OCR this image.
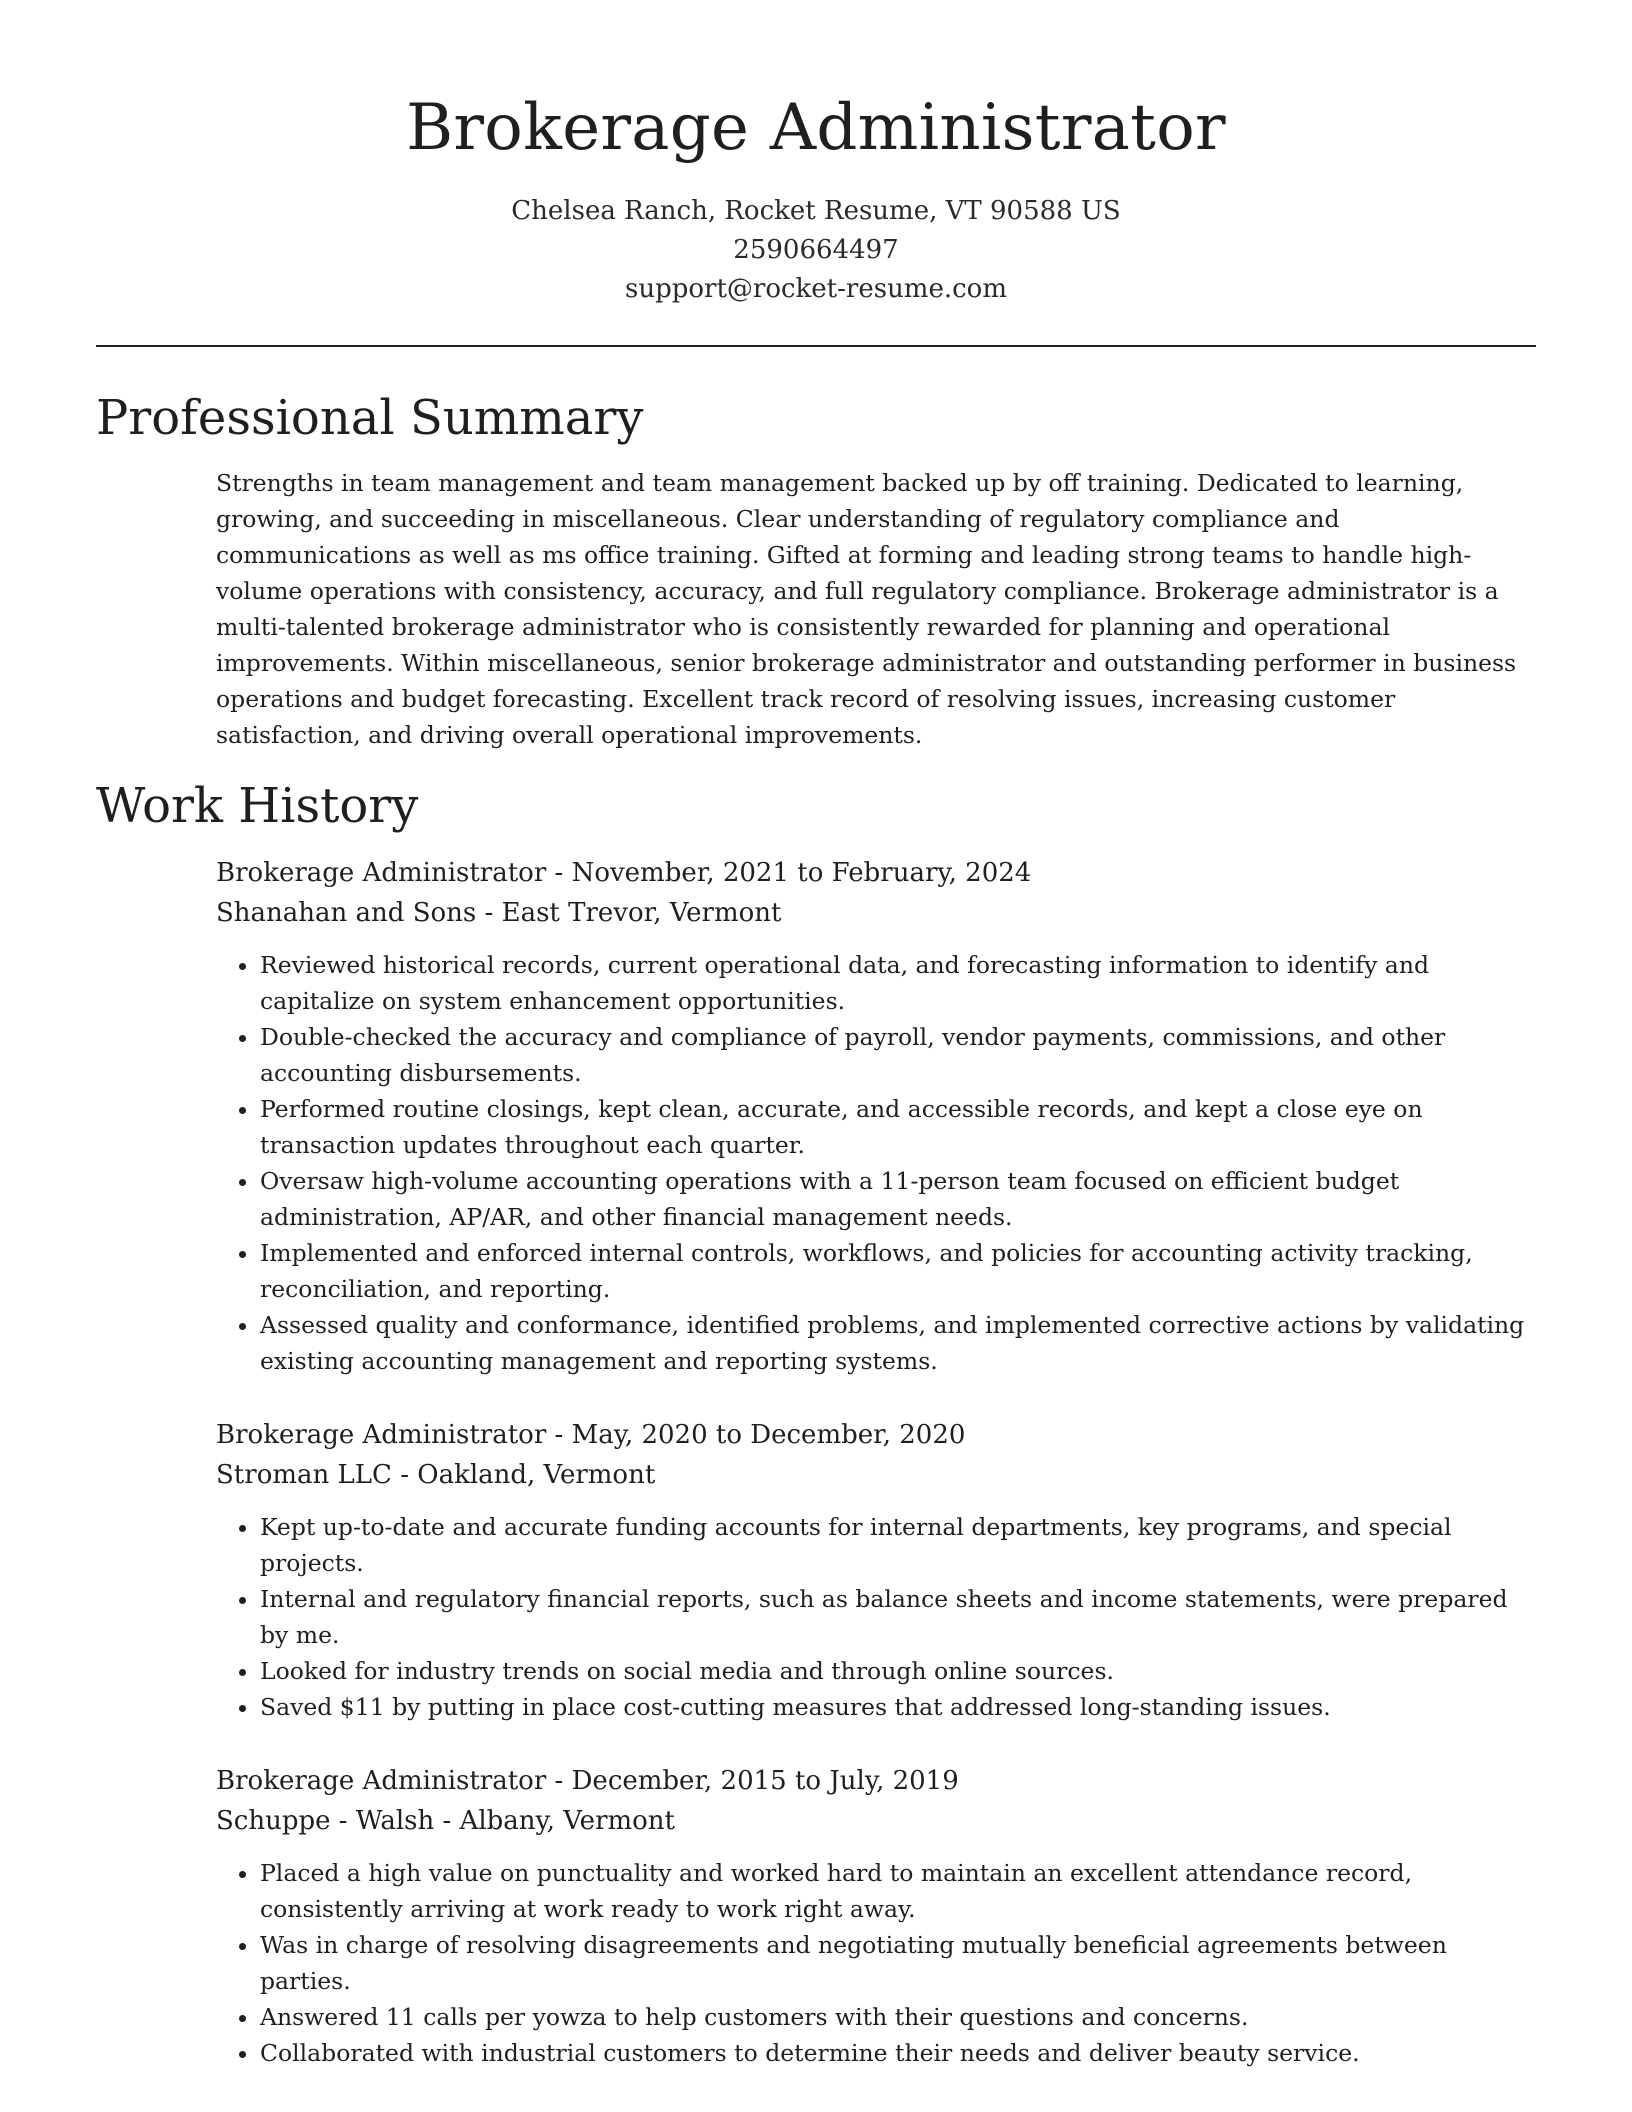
Brokerage Administrator
Chelsea Ranch, Rocket Resume, VT 90588 US
2590664497
support@rocket-resume.com
Professional Summary

Strengths in team management and team management backed up by off training. Dedicated to learning, growing, and succeeding in miscellaneous. Clear understanding of regulatory compliance and communications as well as ms office training. Gifted at forming and leading strong teams to handle high-volume operations with consistency, accuracy, and full regulatory compliance. Brokerage administrator is a multi-talented brokerage administrator who is consistently rewarded for planning and operational improvements. Within miscellaneous, senior brokerage administrator and outstanding performer in business operations and budget forecasting. Excellent track record of resolving issues, increasing customer satisfaction, and driving overall operational improvements.

Work History
Brokerage Administrator - November, 2021 to February, 2024
Shanahan and Sons - East Trevor, Vermont
• Reviewed historical records, current operational data, and forecasting information to identify and capitalize on system enhancement opportunities.
• Double-checked the accuracy and compliance of payroll, vendor payments, commissions, and other accounting disbursements.
• Performed routine closings, kept clean, accurate, and accessible records, and kept a close eye on transaction updates throughout each quarter.
• Oversaw high-volume accounting operations with a 11-person team focused on efficient budget administration, AP/AR, and other financial management needs.
• Implemented and enforced internal controls, workflows, and policies for accounting activity tracking, reconciliation, and reporting.
• Assessed quality and conformance, identified problems, and implemented corrective actions by validating existing accounting management and reporting systems.
Brokerage Administrator - May, 2020 to December, 2020
Stroman LLC - Oakland, Vermont
• Kept up-to-date and accurate funding accounts for internal departments, key programs, and special projects.
• Internal and regulatory financial reports, such as balance sheets and income statements, were prepared by me.
• Looked for industry trends on social media and through online sources.
• Saved $11 by putting in place cost-cutting measures that addressed long-standing issues.
Brokerage Administrator - December, 2015 to July, 2019
Schuppe - Walsh - Albany, Vermont
• Placed a high value on punctuality and worked hard to maintain an excellent attendance record, consistently arriving at work ready to work right away.
• Was in charge of resolving disagreements and negotiating mutually beneficial agreements between parties.
• Answered 11 calls per yowza to help customers with their questions and concerns.
• Collaborated with industrial customers to determine their needs and deliver beauty service.
